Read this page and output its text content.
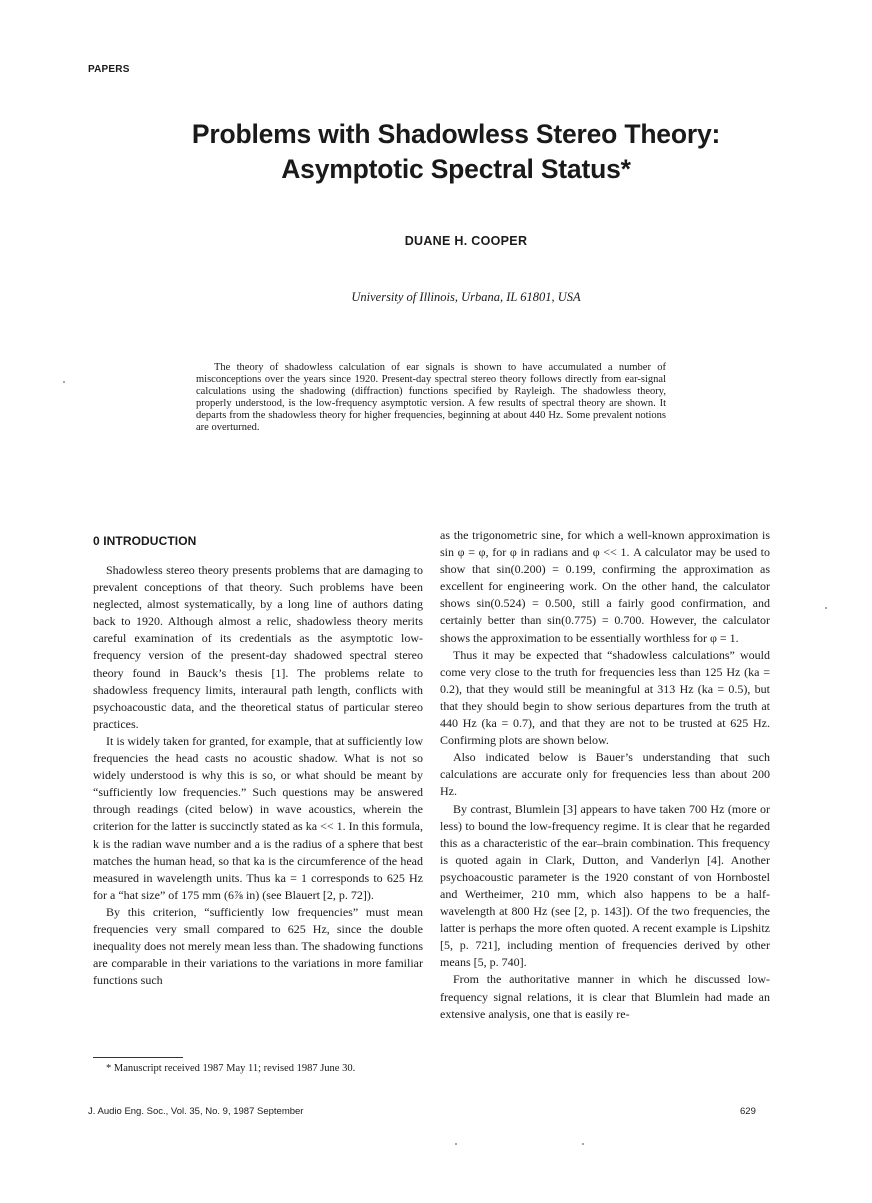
PAPERS
Problems with Shadowless Stereo Theory:
Asymptotic Spectral Status*
DUANE H. COOPER
University of Illinois, Urbana, IL 61801, USA
The theory of shadowless calculation of ear signals is shown to have accumulated a number of misconceptions over the years since 1920. Present-day spectral stereo theory follows directly from ear-signal calculations using the shadowing (diffraction) functions specified by Rayleigh. The shadowless theory, properly understood, is the low-frequency asymptotic version. A few results of spectral theory are shown. It departs from the shadowless theory for higher frequencies, beginning at about 440 Hz. Some prevalent notions are overturned.
0 INTRODUCTION

Shadowless stereo theory presents problems that are damaging to prevalent conceptions of that theory. Such problems have been neglected, almost systematically, by a long line of authors dating back to 1920. Although almost a relic, shadowless theory merits careful examination of its credentials as the asymptotic low-frequency version of the present-day shadowed spectral stereo theory found in Bauck’s thesis [1]. The problems relate to shadowless frequency limits, interaural path length, conflicts with psychoacoustic data, and the theoretical status of particular stereo practices.

It is widely taken for granted, for example, that at sufficiently low frequencies the head casts no acoustic shadow. What is not so widely understood is why this is so, or what should be meant by “sufficiently low frequencies.” Such questions may be answered through readings (cited below) in wave acoustics, wherein the criterion for the latter is succinctly stated as ka << 1. In this formula, k is the radian wave number and a is the radius of a sphere that best matches the human head, so that ka is the circumference of the head measured in wavelength units. Thus ka = 1 corresponds to 625 Hz for a “hat size” of 175 mm (6⅞ in) (see Blauert [2, p. 72]).

By this criterion, “sufficiently low frequencies” must mean frequencies very small compared to 625 Hz, since the double inequality does not merely mean less than. The shadowing functions are comparable in their variations to the variations in more familiar functions such

as the trigonometric sine, for which a well-known approximation is sin φ = φ, for φ in radians and φ << 1. A calculator may be used to show that sin(0.200) = 0.199, confirming the approximation as excellent for engineering work. On the other hand, the calculator shows sin(0.524) = 0.500, still a fairly good confirmation, and certainly better than sin(0.775) = 0.700. However, the calculator shows the approximation to be essentially worthless for φ = 1.

Thus it may be expected that “shadowless calculations” would come very close to the truth for frequencies less than 125 Hz (ka = 0.2), that they would still be meaningful at 313 Hz (ka = 0.5), but that they should begin to show serious departures from the truth at 440 Hz (ka = 0.7), and that they are not to be trusted at 625 Hz. Confirming plots are shown below.

Also indicated below is Bauer’s understanding that such calculations are accurate only for frequencies less than about 200 Hz.

By contrast, Blumlein [3] appears to have taken 700 Hz (more or less) to bound the low-frequency regime. It is clear that he regarded this as a characteristic of the ear–brain combination. This frequency is quoted again in Clark, Dutton, and Vanderlyn [4]. Another psychoacoustic parameter is the 1920 constant of von Hornbostel and Wertheimer, 210 mm, which also happens to be a half-wavelength at 800 Hz (see [2, p. 143]). Of the two frequencies, the latter is perhaps the more often quoted. A recent example is Lipshitz [5, p. 721], including mention of frequencies derived by other means [5, p. 740].

From the authoritative manner in which he discussed low-frequency signal relations, it is clear that Blumlein had made an extensive analysis, one that is easily re-

* Manuscript received 1987 May 11; revised 1987 June 30.
J. Audio Eng. Soc., Vol. 35, No. 9, 1987 September	629
